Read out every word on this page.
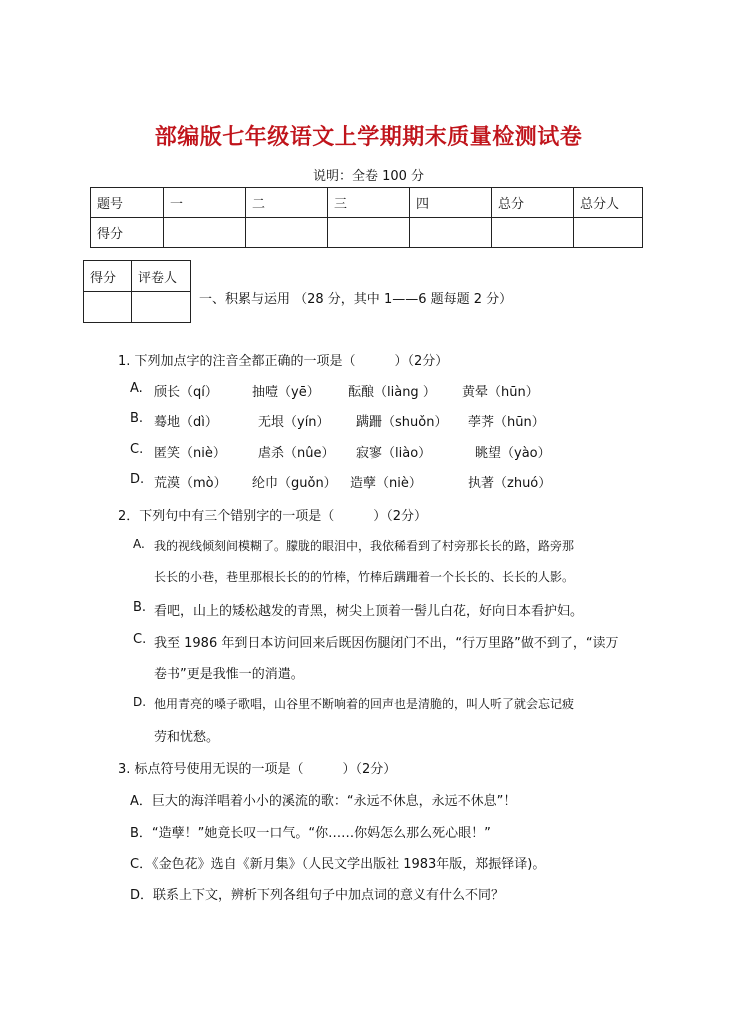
部编版七年级语文上学期期末质量检测试卷
说明：全卷 100 分
题号	一	二	三	四	总分	总分人
得分						
得分	评卷人

一、积累与运用 （28 分，其中 1——6 题每题 2 分）
1. 下列加点字的注音全都正确的一项是（　　　）（2分）
A. 颀长（qí）	抽噎（yē） 酝酿（liàng ） 黄晕（hūn）
B. 蓦地（dì）	无垠（yín） 蹒跚（shuǒn） 荸荠（hūn）
C. 匿笑（niè） 虐杀（nûe） 寂寥（liào）	眺望（yào）
D. 荒漠（mò） 纶巾（guǒn） 造孽（niè）	执著（zhuó）
2．下列句中有三个错别字的一项是（　　　）（2分）
A. 我的视线倾刻间模糊了。朦胧的眼泪中，我依稀看到了村旁那长长的路，路旁那
长长的小巷，巷里那根长长的的竹棒，竹棒后蹒跚着一个长长的、长长的人影。
B. 看吧，山上的矮松越发的青黑，树尖上顶着一髻儿白花，好向日本看护妇。
C. 我至 1986 年到日本访问回来后既因伤腿闭门不出，“行万里路”做不到了，“读万
卷书”更是我惟一的消遣。
D. 他用青亮的嗓子歌唱，山谷里不断响着的回声也是清脆的，叫人听了就会忘记疲
劳和忧愁。
3. 标点符号使用无误的一项是（　　　）（2分）
A．巨大的海洋唱着小小的溪流的歌：“永远不休息，永远不休息”！
B．“造孽！”她竟长叹一口气。“你……你妈怎么那么死心眼！”
C．《金色花》选自《新月集》（人民文学出版社 1983年版，郑振铎译)。
D．联系上下文，辨析下列各组句子中加点词的意义有什么不同？
